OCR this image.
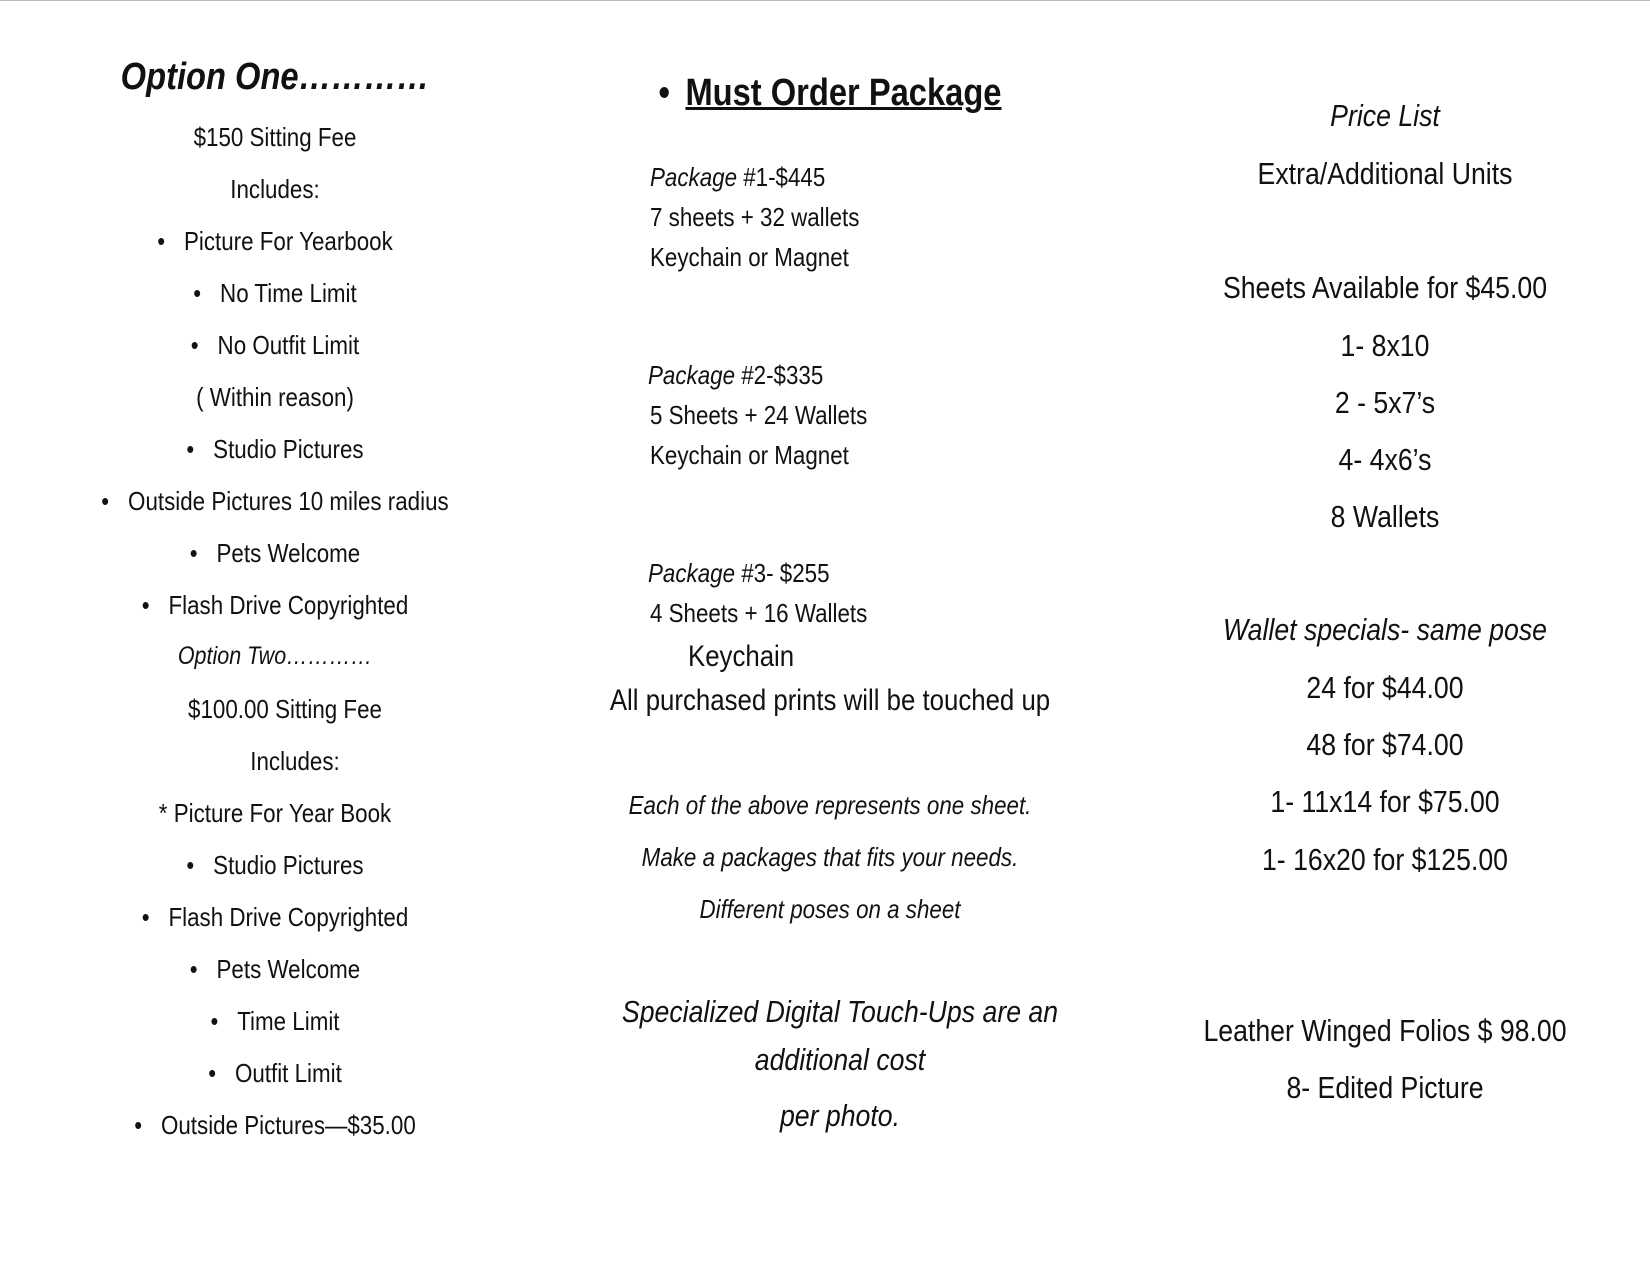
Option One…………
$150 Sitting Fee
Includes:
• Picture For Yearbook
• No Time Limit
• No Outfit Limit
( Within reason)
• Studio Pictures
• Outside Pictures 10 miles radius
• Pets Welcome
• Flash Drive Copyrighted
Option Two…………
$100.00 Sitting Fee
Includes:
* Picture For Year Book
• Studio Pictures
• Flash Drive Copyrighted
• Pets Welcome
• Time Limit
• Outfit Limit
• Outside Pictures—$35.00
• Must Order Package
Package #1-$445
7 sheets + 32 wallets
Keychain or Magnet
Package #2-$335
5 Sheets + 24 Wallets
Keychain or Magnet
Package #3- $255
4 Sheets + 16 Wallets
Keychain
All purchased prints will be touched up
Each of the above represents one sheet.
Make a packages that fits your needs.
Different poses on a sheet
Specialized Digital Touch-Ups are an
additional cost
per photo.
Price List
Extra/Additional Units
Sheets Available for $45.00
1- 8x10
2 - 5x7’s
4- 4x6’s
8 Wallets
Wallet specials- same pose
24 for $44.00
48 for $74.00
1- 11x14 for $75.00
1- 16x20 for $125.00
Leather Winged Folios $ 98.00
8- Edited Picture
